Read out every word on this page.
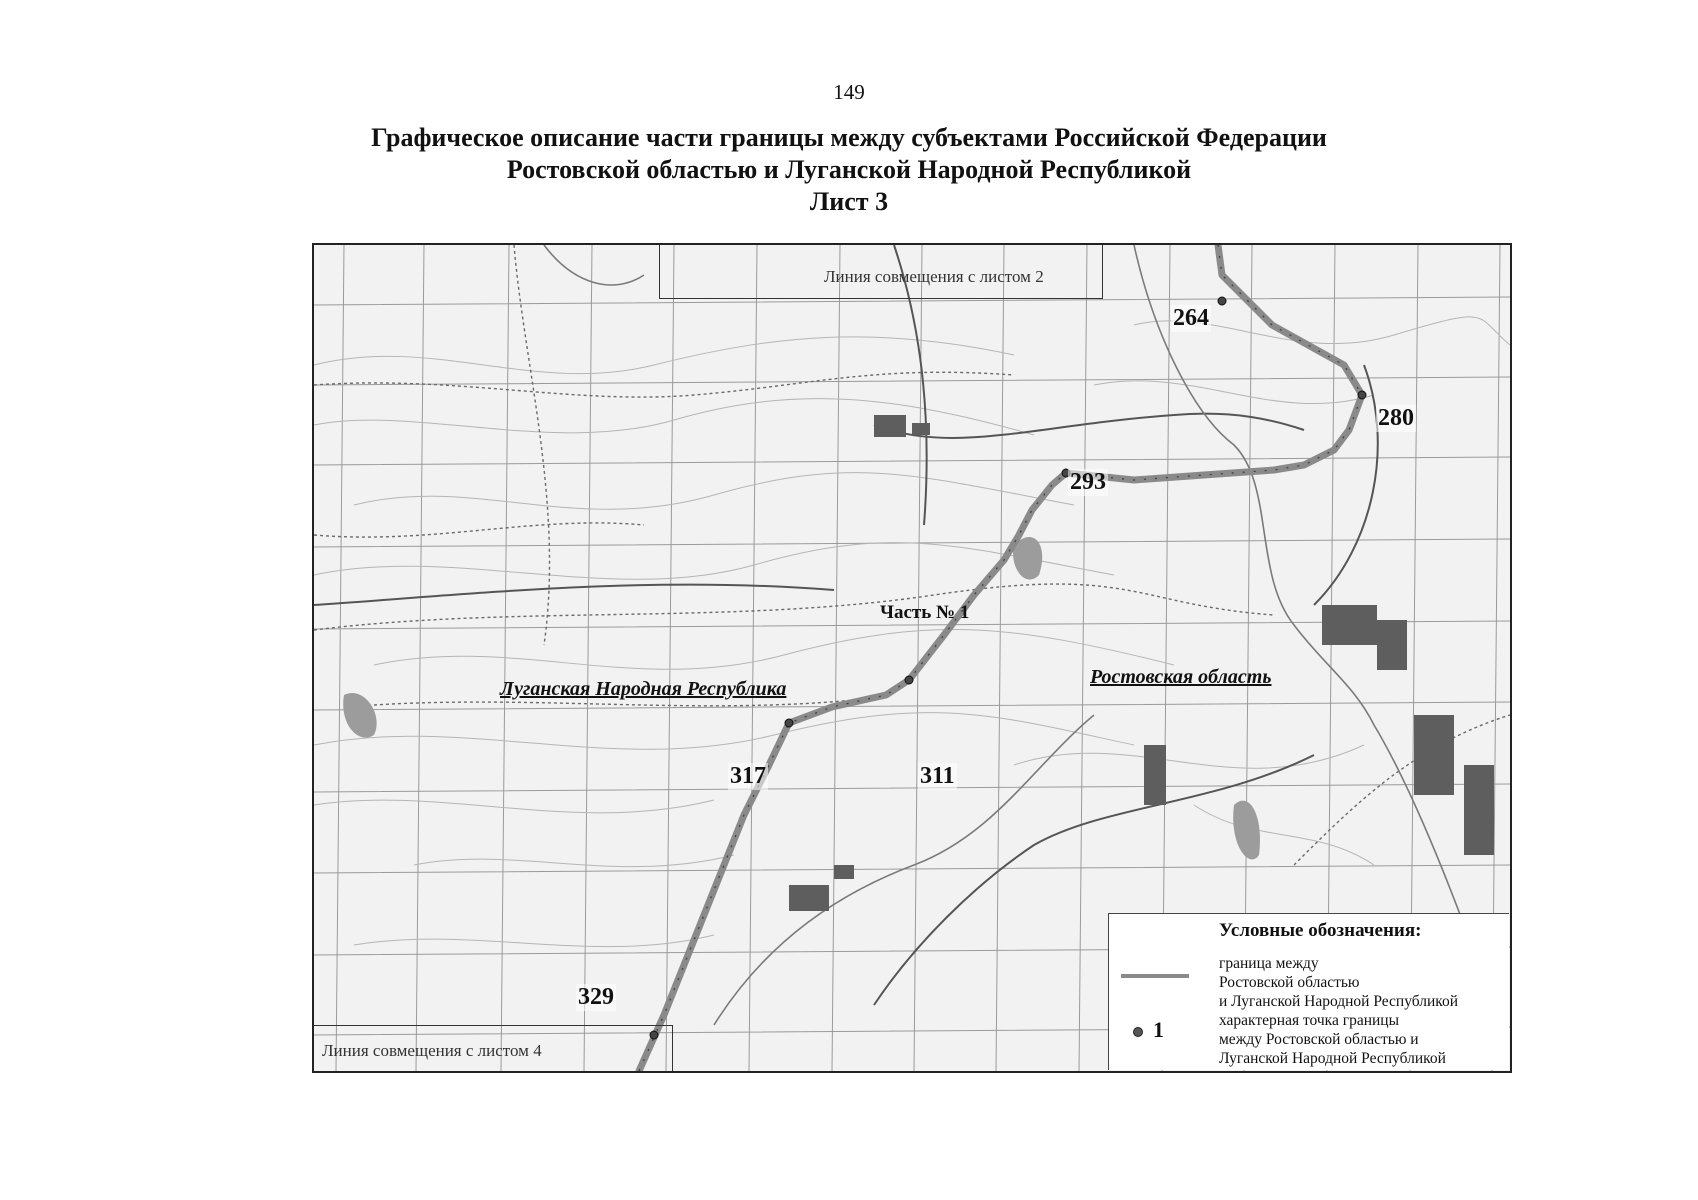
149
Графическое описание части границы между субъектами Российской Федерации
Ростовской областью и Луганской Народной Республикой
Лист 3
Линия совмещения с листом 2
Линия совмещения с листом 4
Луганская Народная Республика
Ростовская область
Часть № 1
264
280
293
311
317
329
Условные обозначения:
граница между
Ростовской областью
и Луганской Народной Республикой
1	характерная точка границы
между Ростовской областью и
Луганской Народной Республикой
